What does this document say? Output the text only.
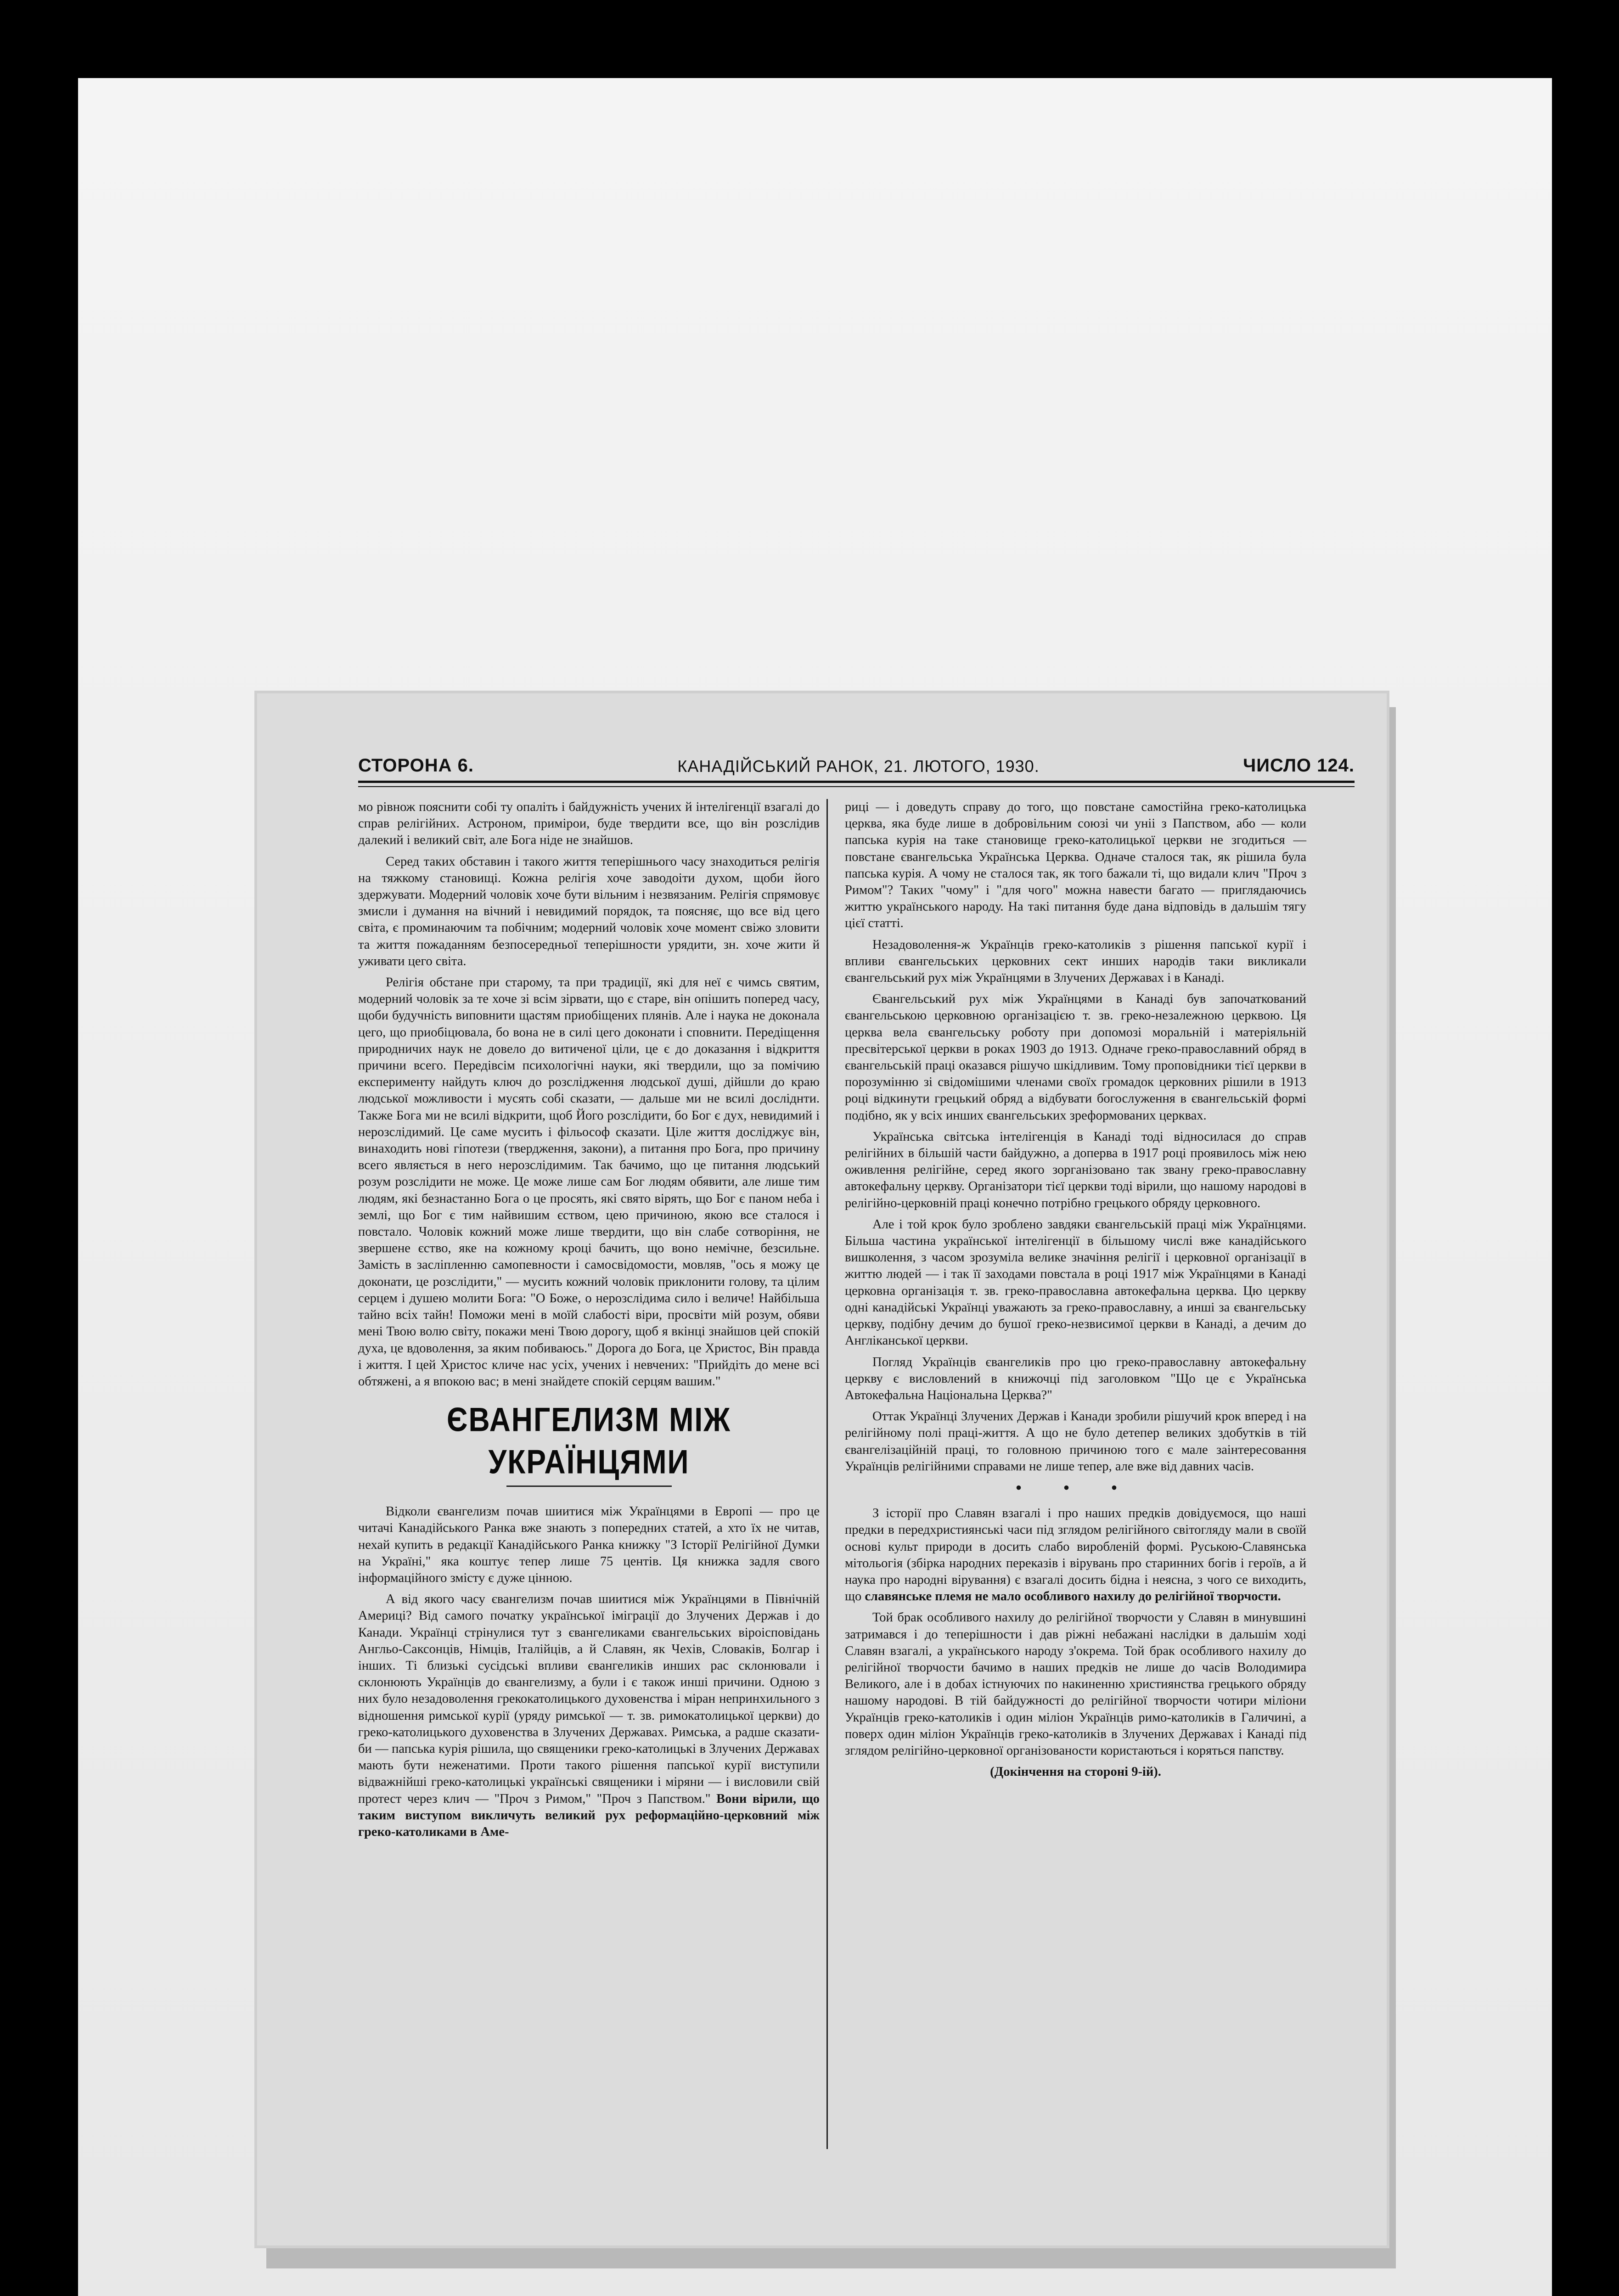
СТОРОНА 6.	КАНАДІЙСЬКИЙ РАНОК, 21. ЛЮТОГО, 1930.	ЧИСЛО 124.

мо рівнож пояснити собі ту опаліть і байдужність учених й інтелігенції взагалі до справ релігійних. Астроном, примірои, буде твердити все, що він розслідив далекий і великий світ, але Бога ніде не знайшов.

Серед таких обставин і такого життя теперішнього часу знаходиться релігія на тяжкому становищі. Кожна релігія хоче заводоіти духом, щоби його здержувати. Модерний чоловік хоче бути вільним і незвязаним. Релігія спрямовує змисли і думання на вічний і невидимий порядок, та поясняє, що все від цего світа, є проминаючим та побічним; модерний чоловік хоче момент свіжо зловити та життя пожаданням безпосередньої теперішности урядити, зн. хоче жити й уживати цего світа.

Релігія обстане при старому, та при традиції, які для неї є чимсь святим, модерний чоловік за те хоче зі всім зірвати, що є старе, він опішить поперед часу, щоби будучність виповнити щастям приобіщених плянів. Але і наука не доконала цего, що приобіцювала, бо вона не в силі цего доконати і сповнити. Передіщення природничих наук не довело до витиченої ціли, це є до доказання і відкриття причини всего. Передівсім психологічні науки, які твердили, що за помічию експерименту найдуть ключ до розслідження людської душі, дійшли до краю людської можливости і мусять собі сказати, — дальше ми не всилі досліднти. Также Бога ми не всилі відкрити, щоб Його розслідити, бо Бог є дух, невидимий і нерозслідимий. Це саме мусить і фільософ сказати. Ціле життя досліджує він, винаходить нові гіпотези (твердження, закони), а питання про Бога, про причину всего являється в него нерозслідимим. Так бачимо, що це питання людський розум розслідити не може. Це може лише сам Бог людям обявити, але лише тим людям, які безнастанно Бога о це просять, які свято вірять, що Бог є паном неба і землі, що Бог є тим найвишим єством, цею причиною, якою все сталося і повстало. Чоловік кожний може лише твердити, що він слабе сотворіння, не звершене єство, яке на кожному кроці бачить, що воно немічне, безсильне. Замість в засліпленню самопевности і самосвідомости, мовляв, "ось я можу це доконати, це розслідити," — мусить кожний чоловік приклонити голову, та цілим серцем і душею молити Бога: "О Боже, о нерозслідима сило і величе! Найбільша тайно всіх тайн! Поможи мені в моїй слабості віри, просвіти мій розум, обяви мені Твою волю світу, покажи мені Твою дорогу, щоб я вкінці знайшов цей спокій духа, це вдоволення, за яким побиваюсь." Дорога до Бога, це Христос, Він правда і життя. І цей Христос кличе нас усіх, учених і невчених: "Прийдіть до мене всі обтяжені, а я впокою вас; в мені знайдете спокій серцям вашим."

ЄВАНГЕЛИЗМ МІЖ УКРАЇНЦЯМИ

Відколи євангелизм почав шиитися між Українцями в Европі — про це читачі Канадійського Ранка вже знають з попередних статей, а хто їх не читав, нехай купить в редакції Канадійського Ранка книжку "З Історії Релігійної Думки на Україні," яка коштує тепер лише 75 центів. Ця книжка задля свого інформаційного змісту є дуже цінною.

А від якого часу євангелизм почав шиитися між Українцями в Північній Америці? Від самого початку української іміграції до Злучених Держав і до Канади. Українці стрінулися тут з євангеликами євангельських віроісповідань Англьо-Саксонців, Німців, Італійців, а й Славян, як Чехів, Словаків, Болгар і інших. Ті близькі сусідські впливи євангеликів инших рас склонювали і склонюють Українців до євангелизму, а були і є також инші причини. Одною з них було незадоволення грекокатолицького духовенства і міран непринхильного з відношення римської курії (уряду римської — т. зв. римокатолицької церкви) до греко-католицького духовенства в Злучених Державах. Римська, а радше сказати-би — папська курія рішила, що священики греко-католицькі в Злучених Державах мають бути неженатими. Проти такого рішення папської курії виступили відважнійші греко-католицькі українські священики і міряни — і висловили свій протест через клич — "Проч з Римом," "Проч з Папством." Вони вірили, що таким виступом викличуть великий рух реформаційно-церковний між греко-католиками в Аме-

риці — і доведуть справу до того, що повстане самостійна греко-католицька церква, яка буде лише в добровільним союзі чи уніі з Папством, або — коли папська курія на таке становище греко-католицької церкви не згодиться — повстане євангельська Українська Церква. Одначе сталося так, як рішила була папська курія. А чому не сталося так, як того бажали ті, що видали клич "Проч з Римом"? Таких "чому" і "для чого" можна навести багато — приглядаючись життю українського народу. На такі питання буде дана відповідь в дальшім тягу цієї статті.

Незадоволення-ж Українців греко-католиків з рішення папської курії і впливи євангельських церковних сект инших народів таки викликали євангельський рух між Українцями в Злучених Державах і в Канаді.

Євангельський рух між Українцями в Канаді був започаткований євангельською церковною організацією т. зв. греко-незалежною церквою. Ця церква вела євангельську роботу при допомозі моральній і матеріяльній пресвітерської церкви в роках 1903 до 1913. Одначе греко-православний обряд в євангельській праці оказався рішучо шкідливим. Тому проповідники тієї церкви в порозумінню зі свідомішими членами своїх громадок церковних рішили в 1913 році відкинути грецький обряд а відбувати богослуження в євангельській формі подібно, як у всіх инших євангельських зреформованих церквах.

Українська світська інтелігенція в Канаді тоді відносилася до справ релігійних в більшій части байдужно, а доперва в 1917 році проявилось між нею оживлення релігійне, серед якого зорганізовано так звану греко-православну автокефальну церкву. Організатори тієї церкви тоді вірили, що нашому народові в релігійно-церковній праці конечно потрібно грецького обряду церковного.

Але і той крок було зроблено завдяки євангельській праці між Українцями. Більша частина української інтелігенції в більшому числі вже канадійського вишколення, з часом зрозуміла велике значіння релігії і церковної організації в життю людей — і так її заходами повстала в році 1917 між Українцями в Канаді церковна організація т. зв. греко-православна автокефальна церква. Цю церкву одні канадійські Українці уважають за греко-православну, а инші за євангельську церкву, подібну дечим до бушої греко-незвисимої церкви в Канаді, а дечим до Англіканської церкви.

Погляд Українців євангеликів про цю греко-православну автокефальну церкву є висловлений в книжочці під заголовком "Що це є Українська Автокефальна Національна Церква?"

Оттак Українці Злучених Держав і Канади зробили рішучий крок вперед і на релігійному полі праці-життя. А що не було детепер великих здобутків в тій євангелізаційній праці, то головною причиною того є мале заінтересовання Українців релігійними справами не лише тепер, але вже від давних часів.

• • •

З історії про Славян взагалі і про наших предків довідуємося, що наші предки в передхристиянські часи під зглядом релігійного світогляду мали в своїй основі культ природи в досить слабо виробленій формі. Руською-Славянська мітольогія (збірка народних переказів і вірувань про старинних богів і героїв, а й наука про народні вірування) є взагалі досить бідна і неясна, з чого се виходить, що славянське племя не мало особливого нахилу до релігійної творчости.

Той брак особливого нахилу до релігійної творчости у Славян в минувшині затримався і до теперішности і дав ріжні небажані наслідки в дальшім ході Славян взагалі, а українського народу з'окрема. Той брак особливого нахилу до релігійної творчости бачимо в наших предків не лише до часів Володимира Великого, але і в добах істнуючих по накиненню християнства грецького обряду нашому народові. В тій байдужності до релігійної творчости чотири міліони Українців греко-католиків і один міліон Українців римо-католиків в Галичині, а поверх один міліон Українців греко-католиків в Злучених Державах і Канаді під зглядом релігійно-церковної організованости користаються і коряться папству.

(Докінчення на стороні 9-ій).
